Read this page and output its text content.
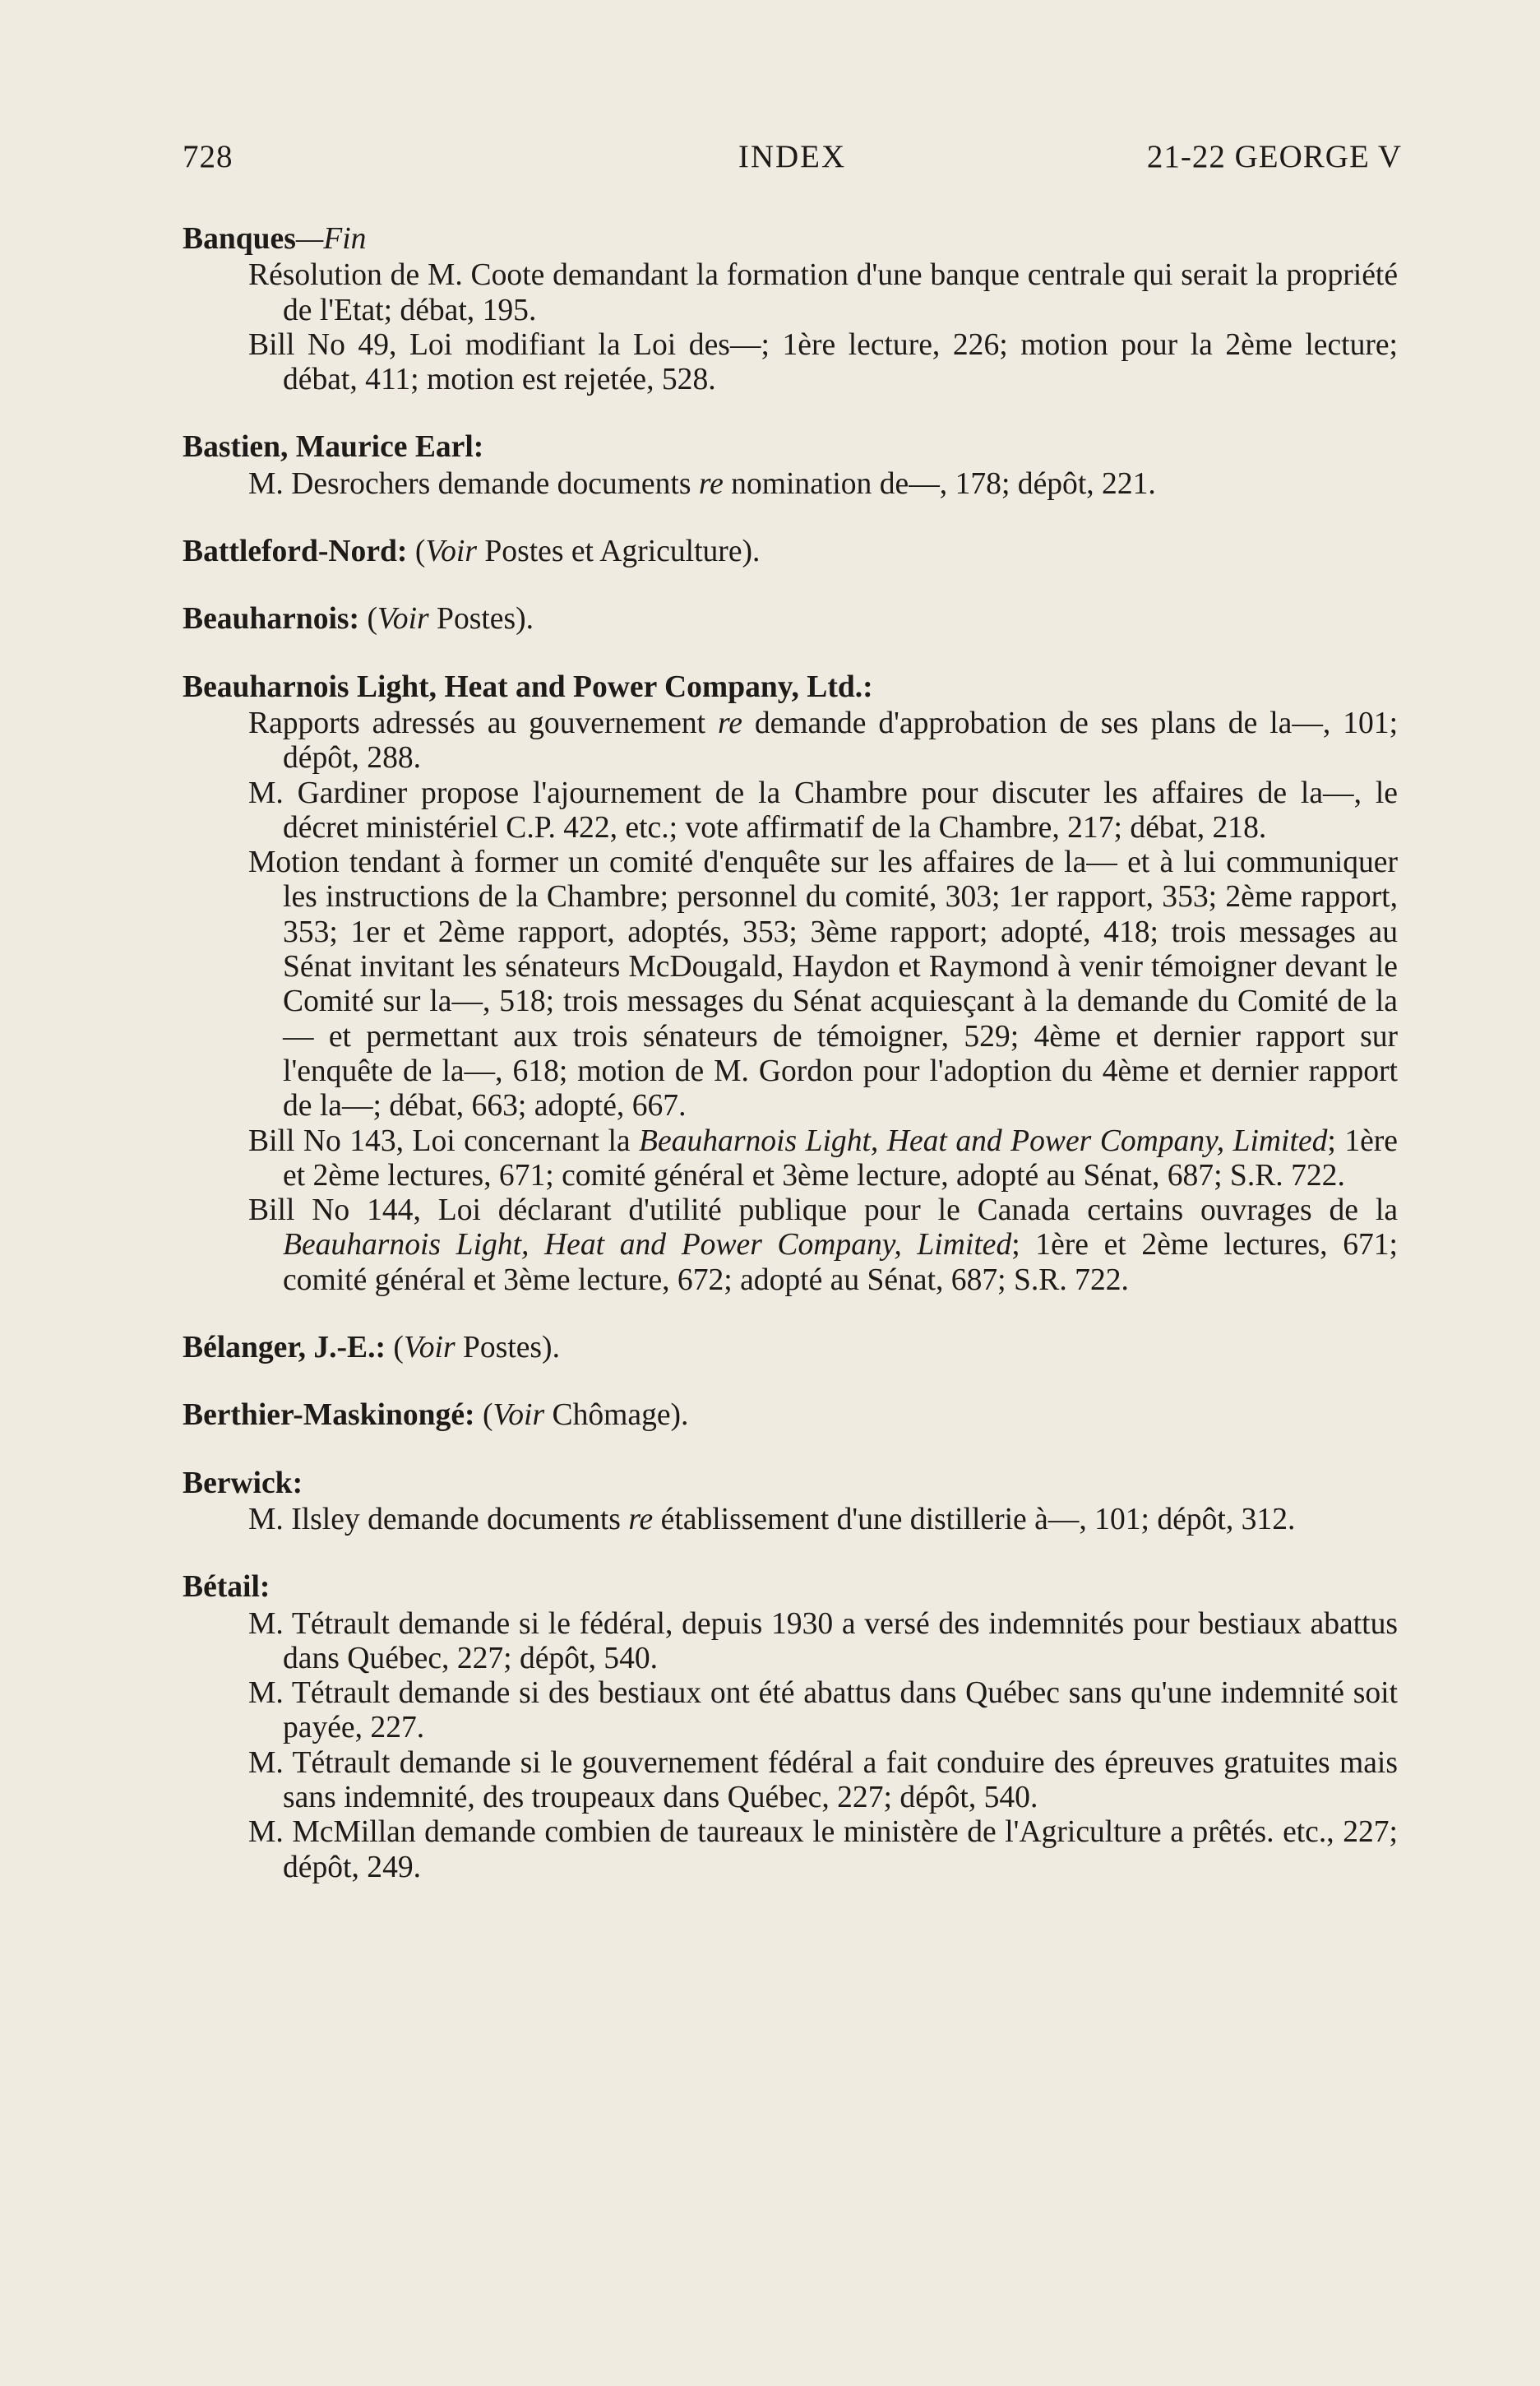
728	INDEX	21-22 GEORGE V
Banques—Fin
Résolution de M. Coote demandant la formation d'une banque centrale qui serait la propriété de l'Etat; débat, 195.
Bill No 49, Loi modifiant la Loi des—; 1ère lecture, 226; motion pour la 2ème lecture; débat, 411; motion est rejetée, 528.
Bastien, Maurice Earl:
M. Desrochers demande documents re nomination de—, 178; dépôt, 221.
Battleford-Nord: (Voir Postes et Agriculture).
Beauharnois: (Voir Postes).
Beauharnois Light, Heat and Power Company, Ltd.:
Rapports adressés au gouvernement re demande d'approbation de ses plans de la—, 101; dépôt, 288.
M. Gardiner propose l'ajournement de la Chambre pour discuter les affaires de la—, le décret ministériel C.P. 422, etc.; vote affirmatif de la Chambre, 217; débat, 218.
Motion tendant à former un comité d'enquête sur les affaires de la— et à lui communiquer les instructions de la Chambre; personnel du comité, 303; 1er rapport, 353; 2ème rapport, 353; 1er et 2ème rapport, adoptés, 353; 3ème rapport; adopté, 418; trois messages au Sénat invitant les sénateurs McDougald, Haydon et Raymond à venir témoigner devant le Comité sur la—, 518; trois messages du Sénat acquiesçant à la demande du Comité de la— et permettant aux trois sénateurs de témoigner, 529; 4ème et dernier rapport sur l'enquête de la—, 618; motion de M. Gordon pour l'adoption du 4ème et dernier rapport de la—; débat, 663; adopté, 667.
Bill No 143, Loi concernant la Beauharnois Light, Heat and Power Company, Limited; 1ère et 2ème lectures, 671; comité général et 3ème lecture, adopté au Sénat, 687; S.R. 722.
Bill No 144, Loi déclarant d'utilité publique pour le Canada certains ouvrages de la Beauharnois Light, Heat and Power Company, Limited; 1ère et 2ème lectures, 671; comité général et 3ème lecture, 672; adopté au Sénat, 687; S.R. 722.
Bélanger, J.-E.: (Voir Postes).
Berthier-Maskinongé: (Voir Chômage).
Berwick:
M. Ilsley demande documents re établissement d'une distillerie à—, 101; dépôt, 312.
Bétail:
M. Tétrault demande si le fédéral, depuis 1930 a versé des indemnités pour bestiaux abattus dans Québec, 227; dépôt, 540.
M. Tétrault demande si des bestiaux ont été abattus dans Québec sans qu'une indemnité soit payée, 227.
M. Tétrault demande si le gouvernement fédéral a fait conduire des épreuves gratuites mais sans indemnité, des troupeaux dans Québec, 227; dépôt, 540.
M. McMillan demande combien de taureaux le ministère de l'Agriculture a prêtés. etc., 227; dépôt, 249.
